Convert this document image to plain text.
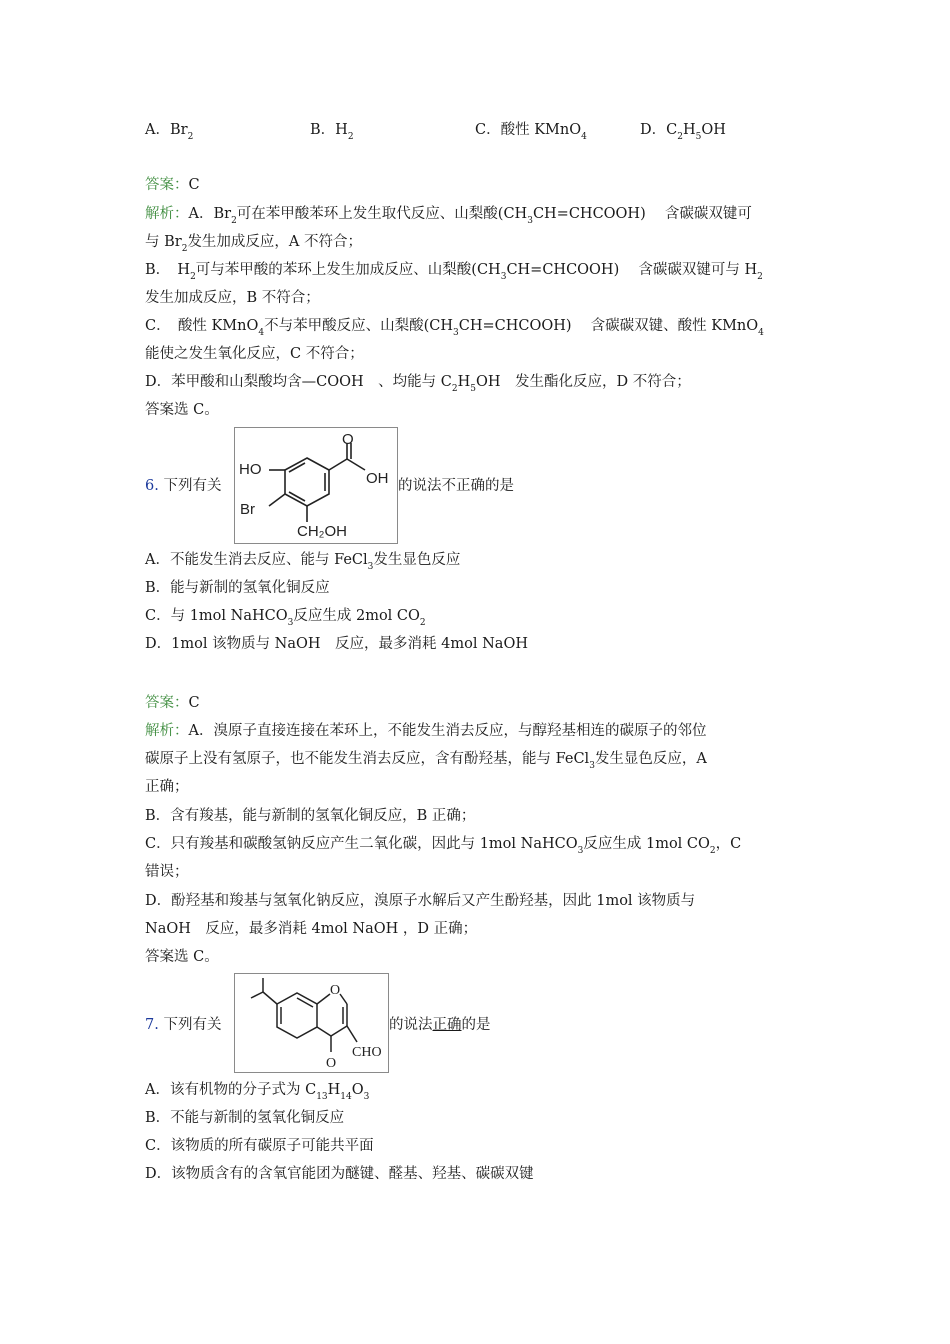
A．$Br_2$	B．$H_2$	C．酸性 KMnO$_4$	D．$C_2H_5OH$
答案：C
解析：A．$Br_2$可在苯甲酸苯环上发生取代反应、山梨酸$(CH_3CH=CHCOOH)$　 含碳碳双键可
与 $Br_2$发生加成反应，A 不符合；
B．　$H_2$可与苯甲酸的苯环上发生加成反应、山梨酸$(CH_3CH=CHCOOH)$　 含碳碳双键可与 $H_2$
发生加成反应，B 不符合；
C．　酸性 KMnO$_4$不与苯甲酸反应、山梨酸$(CH_3CH=CHCOOH)$　 含碳碳双键、酸性 KMnO$_4$
能使之发生氧化反应，C 不符合；
D．苯甲酸和山梨酸均含—COOH　、均能与 $C_2H_5OH$　发生酯化反应，D 不符合；
答案选 C。
6. 下列有关
HO
O
OH
Br
CH₂OH
的说法不正确的是
A．不能发生消去反应、能与 FeCl$_3$发生显色反应
B．能与新制的氢氧化铜反应
C．与 1mol NaHCO$_3$反应生成 2mol $CO_2$
D．1mol 该物质与 NaOH　反应，最多消耗 4mol NaOH
答案：C
解析：A．溴原子直接连接在苯环上，不能发生消去反应，与醇羟基相连的碳原子的邻位
碳原子上没有氢原子，也不能发生消去反应，含有酚羟基，能与 FeCl$_3$发生显色反应，A
正确；
B．含有羧基，能与新制的氢氧化铜反应，B 正确；
C．只有羧基和碳酸氢钠反应产生二氧化碳，因此与 1mol NaHCO$_3$反应生成 1mol $CO_2$，C
错误；
D．酚羟基和羧基与氢氧化钠反应，溴原子水解后又产生酚羟基，因此 1mol 该物质与
NaOH　反应，最多消耗 4mol NaOH ，D 正确；
答案选 C。
7. 下列有关
O
O
CHO
的说法正确的是
A．该有机物的分子式为 $C_{13}H_{14}O_3$
B．不能与新制的氢氧化铜反应
C．该物质的所有碳原子可能共平面
D．该物质含有的含氧官能团为醚键、醛基、羟基、碳碳双键
